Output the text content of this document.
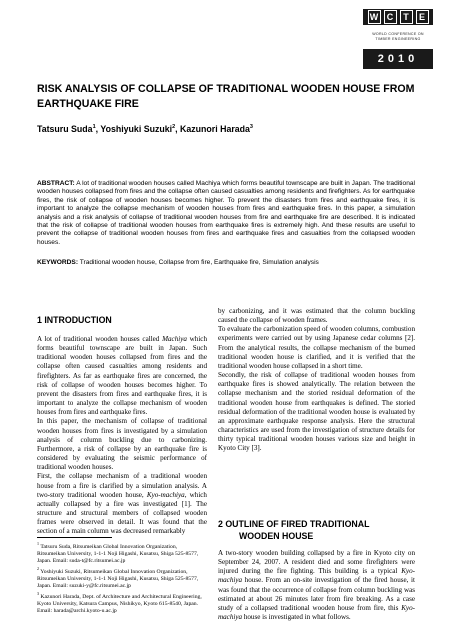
W C	T	E
WORLD CONFERENCE ON
TIMBER ENGINEERING
2010
RISK ANALYSIS OF COLLAPSE OF TRADITIONAL WOODEN HOUSE FROM EARTHQUAKE FIRE
Tatsuru Suda$^1$, Yoshiyuki Suzuki$^2$, Kazunori Harada$^3$
ABSTRACT: A lot of traditional wooden houses called Machiya which forms beautiful townscape are built in Japan. The traditional wooden houses collapsed from fires and the collapse often caused casualties among residents and firefighters. As for earthquake fires, the risk of collapse of wooden houses becomes higher. To prevent the disasters from fires and earthquake fires, it is important to analyze the collapse mechanism of wooden houses from fires and earthquake fires. In this paper, a simulation analysis and a risk analysis of collapse of traditional wooden houses from fire and earthquake fire are described. It is indicated that the risk of collapse of traditional wooden houses from earthquake fires is extremely high. And these results are useful to prevent the collapse of traditional wooden houses from fires and earthquake fires and casualties from the collapsed wooden houses.
KEYWORDS: Traditional wooden house, Collapse from fire, Earthquake fire, Simulation analysis
1 INTRODUCTION

A lot of traditional wooden houses called Machiya which forms beautiful townscape are built in Japan. Such traditional wooden houses collapsed from fires and the collapse often caused casualties among residents and firefighters. As far as earthquake fires are concerned, the risk of collapse of wooden houses becomes higher. To prevent the disasters from fires and earthquake fires, it is important to analyze the collapse mechanism of wooden houses from fires and earthquake fires.

In this paper, the mechanism of collapse of traditional wooden houses from fires is investigated by a simulation analysis of column buckling due to carbonizing. Furthermore, a risk of collapse by an earthquake fire is considered by evaluating the seismic performance of traditional wooden houses.

First, the collapse mechanism of a traditional wooden house from a fire is clarified by a simulation analysis. A two-story traditional wooden house, Kyo-machiya, which actually collapsed by a fire was investigated [1]. The structure and structural members of collapsed wooden frames were observed in detail. It was found that the section of a main column was decreased remarkably

$^1$ Tatsuru Suda, Ritsumeikan Global Innovation Organization, Ritsumeikan University, 1-1-1 Noji Higashi, Kusatsu, Shiga 525-8577, Japan. Email: suda-t@fc.ritsumei.ac.jp

$^2$ Yoshiyuki Suzuki, Ritsumeikan Global Innovation Organization, Ritsumeikan University, 1-1-1 Noji Higashi, Kusatsu, Shiga 525-8577, Japan. Email: suzuki-y@fc.ritsumei.ac.jp

$^3$ Kazunori Harada, Dept. of Architecture and Architectural Engineering, Kyoto University, Katsura Campus, Nishikyo, Kyoto 615-8540, Japan. Email: harada@archi.kyoto-u.ac.jp

by carbonizing, and it was estimated that the column buckling caused the collapse of wooden frames.

To evaluate the carbonization speed of wooden columns, combustion experiments were carried out by using Japanese cedar columns [2]. From the analytical results, the collapse mechanism of the burned traditional wooden house is clarified, and it is verified that the traditional wooden house collapsed in a short time.

Secondly, the risk of collapse of traditional wooden houses from earthquake fires is showed analytically. The relation between the collapse mechanism and the storied residual deformation of the traditional wooden house from earthquakes is defined. The storied residual deformation of the traditional wooden house is evaluated by an approximate earthquake response analysis. Here the structural characteristics are used from the investigation of structure details for thirty typical traditional wooden houses various size and height in Kyoto City [3].

2 OUTLINE OF FIRED TRADITIONAL
WOODEN HOUSE

A two-story wooden building collapsed by a fire in Kyoto city on September 24, 2007. A resident died and some firefighters were injured during the fire fighting. This building is a typical Kyo-machiya house. From an on-site investigation of the fired house, it was found that the occurrence of collapse from column buckling was estimated at about 26 minutes later from fire breaking. As a case study of a collapsed traditional wooden house from fire, this Kyo-machiya house is investigated in what follows.
